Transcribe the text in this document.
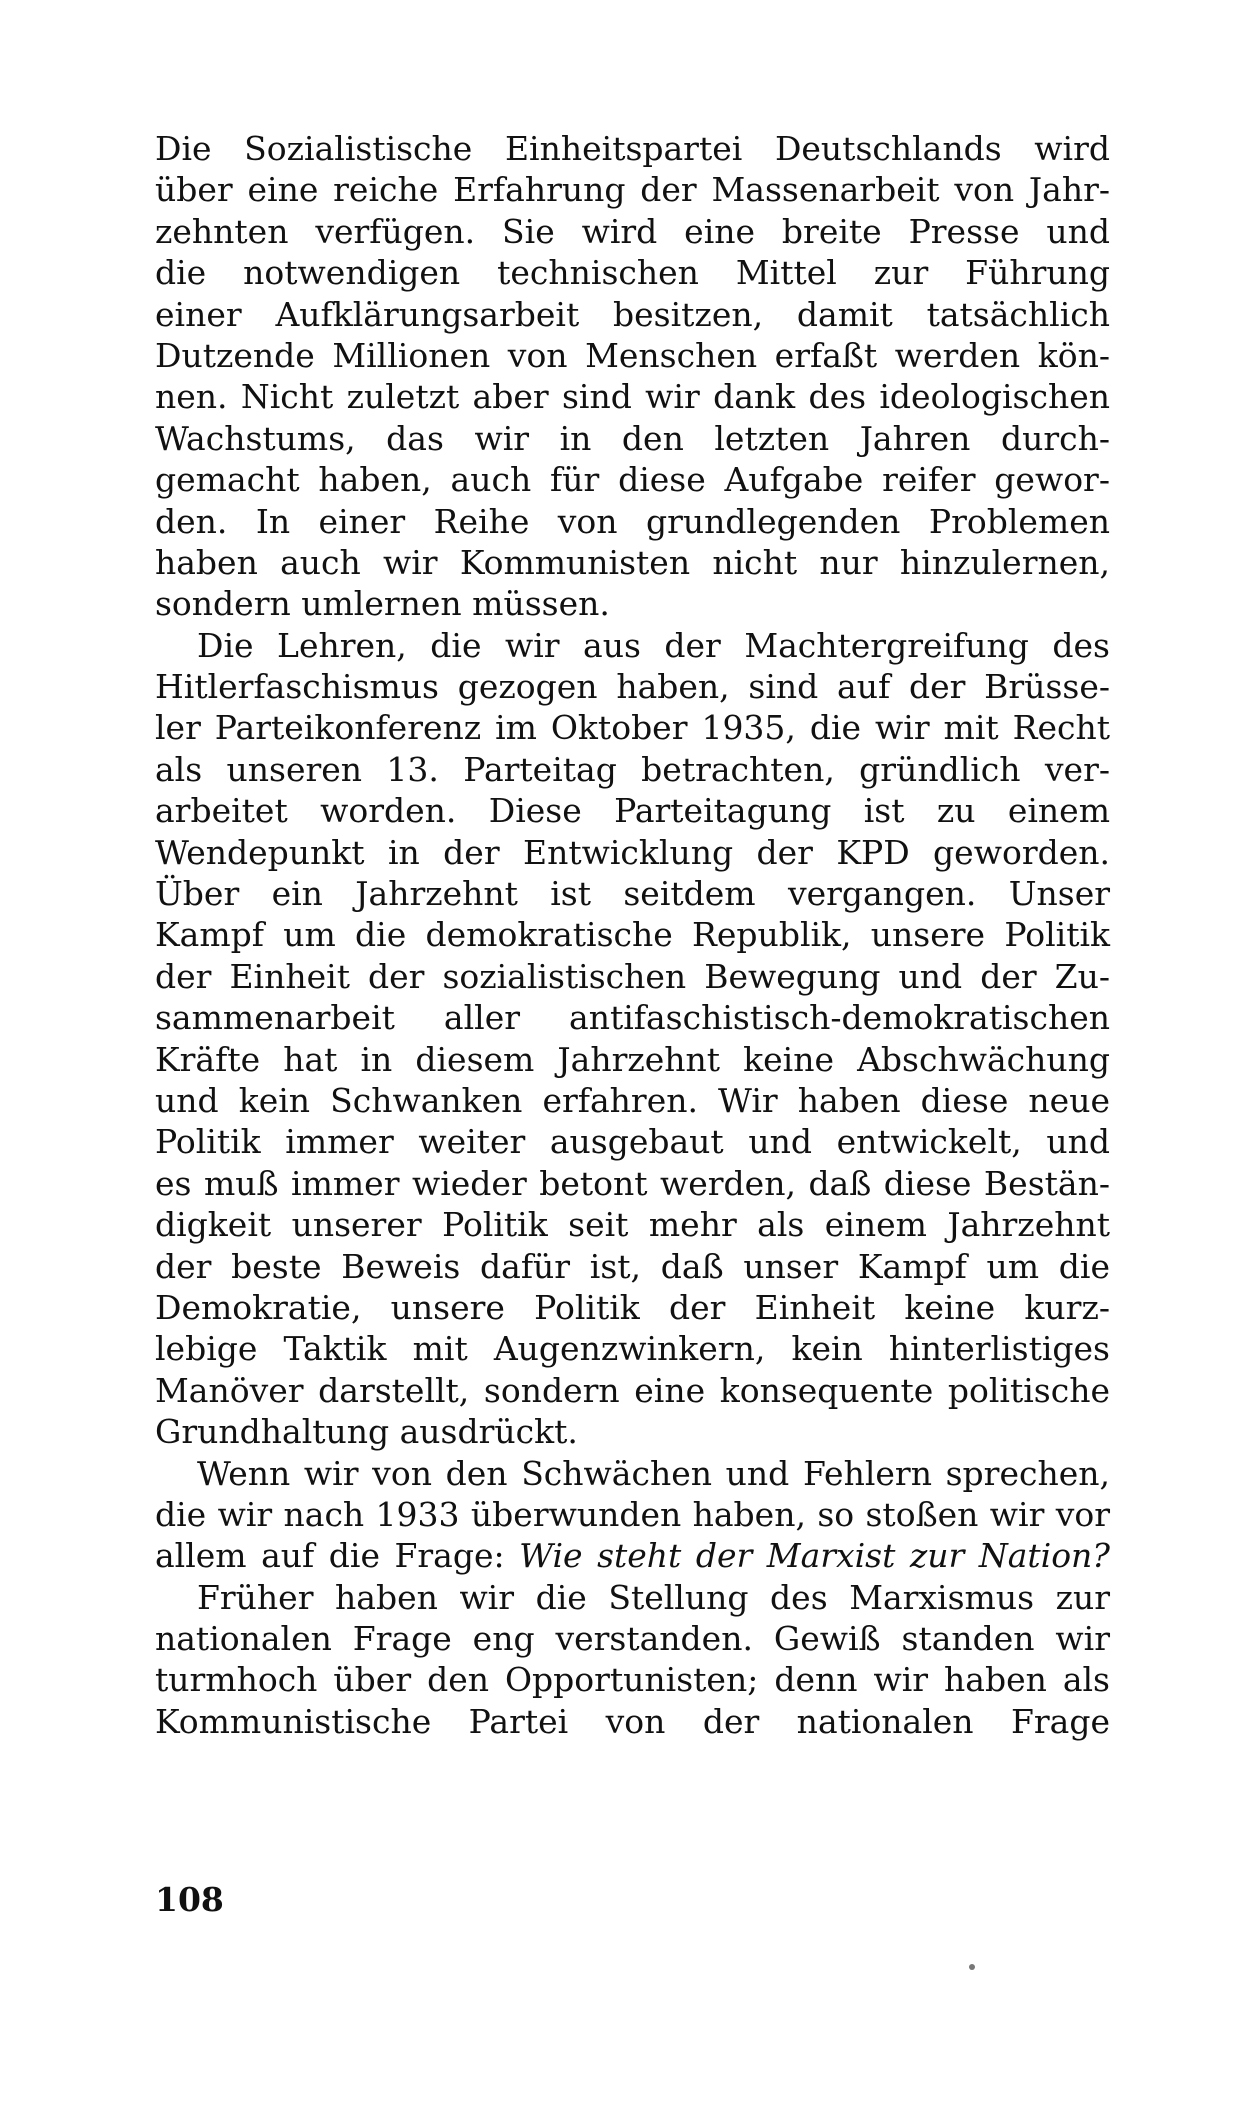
Die Sozialistische Einheitspartei Deutschlands wird
über eine reiche Erfahrung der Massenarbeit von Jahr-
zehnten verfügen. Sie wird eine breite Presse und
die notwendigen technischen Mittel zur Führung
einer Aufklärungsarbeit besitzen, damit tatsächlich
Dutzende Millionen von Menschen erfaßt werden kön-
nen. Nicht zuletzt aber sind wir dank des ideologischen
Wachstums, das wir in den letzten Jahren durch-
gemacht haben, auch für diese Aufgabe reifer gewor-
den. In einer Reihe von grundlegenden Problemen
haben auch wir Kommunisten nicht nur hinzulernen,
sondern umlernen müssen.
Die Lehren, die wir aus der Machtergreifung des
Hitlerfaschismus gezogen haben, sind auf der Brüsse-
ler Parteikonferenz im Oktober 1935, die wir mit Recht
als unseren 13. Parteitag betrachten, gründlich ver-
arbeitet worden. Diese Parteitagung ist zu einem
Wendepunkt in der Entwicklung der KPD geworden.
Über ein Jahrzehnt ist seitdem vergangen. Unser
Kampf um die demokratische Republik, unsere Politik
der Einheit der sozialistischen Bewegung und der Zu-
sammenarbeit aller antifaschistisch-demokratischen
Kräfte hat in diesem Jahrzehnt keine Abschwächung
und kein Schwanken erfahren. Wir haben diese neue
Politik immer weiter ausgebaut und entwickelt, und
es muß immer wieder betont werden, daß diese Bestän-
digkeit unserer Politik seit mehr als einem Jahrzehnt
der beste Beweis dafür ist, daß unser Kampf um die
Demokratie, unsere Politik der Einheit keine kurz-
lebige Taktik mit Augenzwinkern, kein hinterlistiges
Manöver darstellt, sondern eine konsequente politische
Grundhaltung ausdrückt.
Wenn wir von den Schwächen und Fehlern sprechen,
die wir nach 1933 überwunden haben, so stoßen wir vor
allem auf die Frage: Wie steht der Marxist zur Nation?
Früher haben wir die Stellung des Marxismus zur
nationalen Frage eng verstanden. Gewiß standen wir
turmhoch über den Opportunisten; denn wir haben als
Kommunistische Partei von der nationalen Frage
108
